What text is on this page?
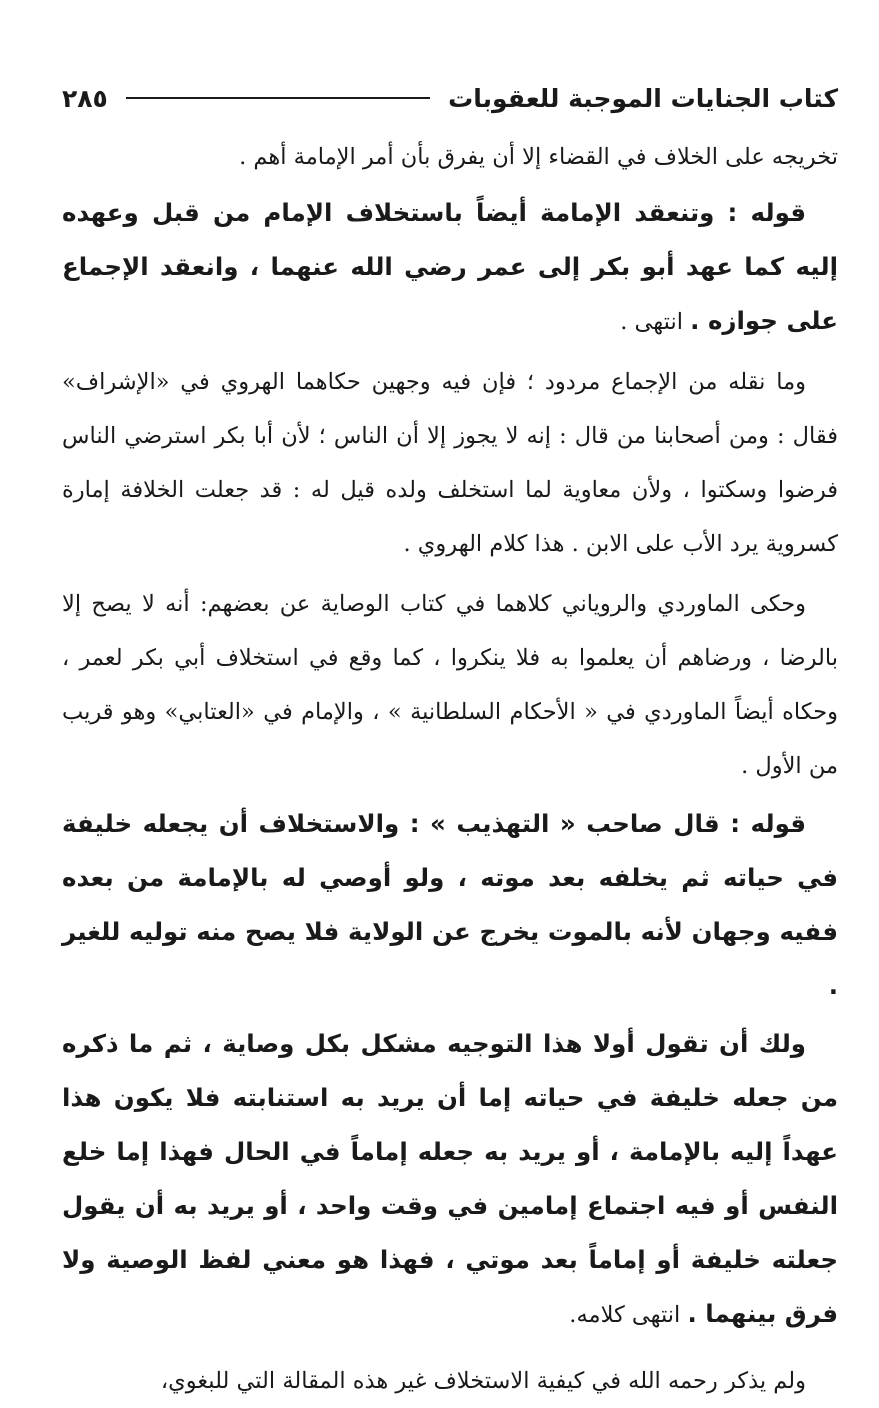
كتاب الجنايات الموجبة للعقوبات
٢٨٥

تخريجه على الخلاف في القضاء إلا أن يفرق بأن أمر الإمامة أهم .

قوله : وتنعقد الإمامة أيضاً باستخلاف الإمام من قبل وعهده إليه كما عهد أبو بكر إلى عمر رضي الله عنهما ، وانعقد الإجماع على جوازه . انتهى .

وما نقله من الإجماع مردود ؛ فإن فيه وجهين حكاهما الهروي في «الإشراف» فقال : ومن أصحابنا من قال : إنه لا يجوز إلا أن الناس ؛ لأن أبا بكر استرضي الناس فرضوا وسكتوا ، ولأن معاوية لما استخلف ولده قيل له : قد جعلت الخلافة إمارة كسروية يرد الأب على الابن . هذا كلام الهروي .

وحكى الماوردي والروياني كلاهما في كتاب الوصاية عن بعضهم: أنه لا يصح إلا بالرضا ، ورضاهم أن يعلموا به فلا ينكروا ، كما وقع في استخلاف أبي بكر لعمر ، وحكاه أيضاً الماوردي في « الأحكام السلطانية » ، والإمام في «العتابي» وهو قريب من الأول .

قوله : قال صاحب « التهذيب » : والاستخلاف أن يجعله خليفة في حياته ثم يخلفه بعد موته ، ولو أوصي له بالإمامة من بعده ففيه وجهان لأنه بالموت يخرج عن الولاية فلا يصح منه توليه للغير .

ولك أن تقول أولا هذا التوجيه مشكل بكل وصاية ، ثم ما ذكره من جعله خليفة في حياته إما أن يريد به استنابته فلا يكون هذا عهداً إليه بالإمامة ، أو يريد به جعله إماماً في الحال فهذا إما خلع النفس أو فيه اجتماع إمامين في وقت واحد ، أو يريد به أن يقول جعلته خليفة أو إماماً بعد موتي ، فهذا هو معني لفظ الوصية ولا فرق بينهما . انتهى كلامه.

ولم يذكر رحمه الله في كيفية الاستخلاف غير هذه المقالة التي للبغوي،
